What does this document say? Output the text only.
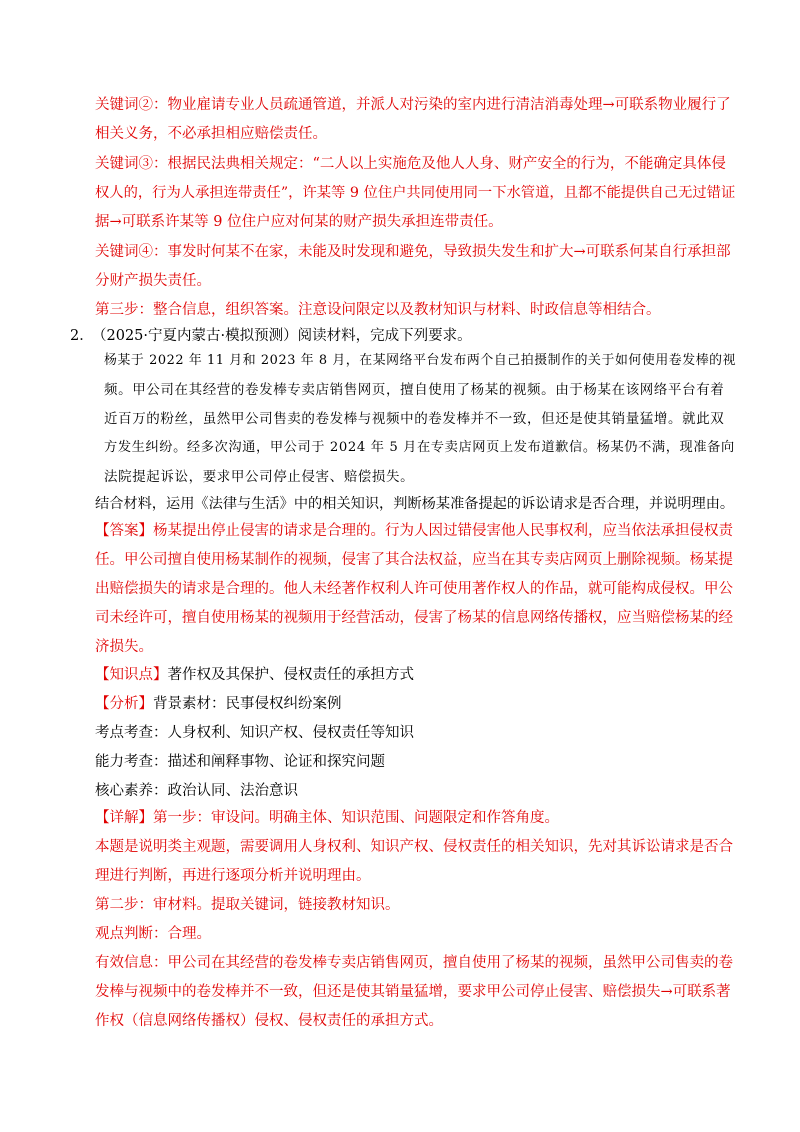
关键词②：物业雇请专业人员疏通管道，并派人对污染的室内进行清洁消毒处理→可联系物业履行了
相关义务，不必承担相应赔偿责任。
关键词③：根据民法典相关规定：“二人以上实施危及他人人身、财产安全的行为，不能确定具体侵
权人的，行为人承担连带责任”，许某等 9 位住户共同使用同一下水管道，且都不能提供自己无过错证
据→可联系许某等 9 位住户应对何某的财产损失承担连带责任。
关键词④：事发时何某不在家，未能及时发现和避免，导致损失发生和扩大→可联系何某自行承担部
分财产损失责任。
第三步：整合信息，组织答案。注意设问限定以及教材知识与材料、时政信息等相结合。
2．
（2025·宁夏内蒙古·模拟预测）阅读材料，完成下列要求。
杨某于 2022 年 11 月和 2023 年 8 月，在某网络平台发布两个自己拍摄制作的关于如何使用卷发棒的视
频。甲公司在其经营的卷发棒专卖店销售网页，擅自使用了杨某的视频。由于杨某在该网络平台有着
近百万的粉丝，虽然甲公司售卖的卷发棒与视频中的卷发棒并不一致，但还是使其销量猛增。就此双
方发生纠纷。经多次沟通，甲公司于 2024 年 5 月在专卖店网页上发布道歉信。杨某仍不满，现准备向
法院提起诉讼，要求甲公司停止侵害、赔偿损失。
结合材料，运用《法律与生活》中的相关知识，判断杨某准备提起的诉讼请求是否合理，并说明理由。
【答案】杨某提出停止侵害的请求是合理的。行为人因过错侵害他人民事权利，应当依法承担侵权责
任。甲公司擅自使用杨某制作的视频，侵害了其合法权益，应当在其专卖店网页上删除视频。杨某提
出赔偿损失的请求是合理的。他人未经著作权利人许可使用著作权人的作品，就可能构成侵权。甲公
司未经许可，擅自使用杨某的视频用于经营活动，侵害了杨某的信息网络传播权，应当赔偿杨某的经
济损失。
【知识点】著作权及其保护、侵权责任的承担方式
【分析】背景素材：民事侵权纠纷案例
考点考查：人身权利、知识产权、侵权责任等知识
能力考查：描述和阐释事物、论证和探究问题
核心素养：政治认同、法治意识
【详解】第一步：审设问。明确主体、知识范围、问题限定和作答角度。
本题是说明类主观题，需要调用人身权利、知识产权、侵权责任的相关知识，先对其诉讼请求是否合
理进行判断，再进行逐项分析并说明理由。
第二步：审材料。提取关键词，链接教材知识。
观点判断：合理。
有效信息：甲公司在其经营的卷发棒专卖店销售网页，擅自使用了杨某的视频，虽然甲公司售卖的卷
发棒与视频中的卷发棒并不一致，但还是使其销量猛增，要求甲公司停止侵害、赔偿损失→可联系著
作权（信息网络传播权）侵权、侵权责任的承担方式。
